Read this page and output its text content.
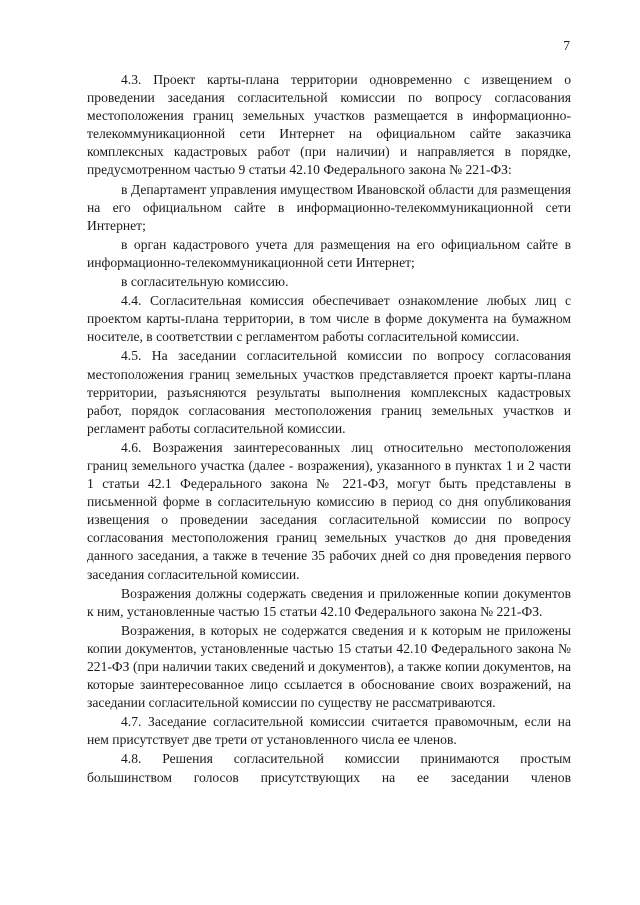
7

4.3. Проект карты-плана территории одновременно с извещением о проведении заседания согласительной комиссии по вопросу согласования местоположения границ земельных участков размещается в информационно-телекоммуникационной сети Интернет на официальном сайте заказчика комплексных кадастровых работ (при наличии) и направляется в порядке, предусмотренном частью 9 статьи 42.10 Федерального закона № 221-ФЗ:

в Департамент управления имуществом Ивановской области для размещения на его официальном сайте в информационно-телекоммуникационной сети Интернет;

в орган кадастрового учета для размещения на его официальном сайте в информационно-телекоммуникационной сети Интернет;

в согласительную комиссию.

4.4. Согласительная комиссия обеспечивает ознакомление любых лиц с проектом карты-плана территории, в том числе в форме документа на бумажном носителе, в соответствии с регламентом работы согласительной комиссии.

4.5. На заседании согласительной комиссии по вопросу согласования местоположения границ земельных участков представляется проект карты-плана территории, разъясняются результаты выполнения комплексных кадастровых работ, порядок согласования местоположения границ земельных участков и регламент работы согласительной комиссии.

4.6. Возражения заинтересованных лиц относительно местоположения границ земельного участка (далее - возражения), указанного в пунктах 1 и 2 части 1 статьи 42.1 Федерального закона № 221-ФЗ, могут быть представлены в письменной форме в согласительную комиссию в период со дня опубликования извещения о проведении заседания согласительной комиссии по вопросу согласования местоположения границ земельных участков до дня проведения данного заседания, а также в течение 35 рабочих дней со дня проведения первого заседания согласительной комиссии.

Возражения должны содержать сведения и приложенные копии документов к ним, установленные частью 15 статьи 42.10 Федерального закона № 221-ФЗ.

Возражения, в которых не содержатся сведения и к которым не приложены копии документов, установленные частью 15 статьи 42.10 Федерального закона № 221-ФЗ (при наличии таких сведений и документов), а также копии документов, на которые заинтересованное лицо ссылается в обоснование своих возражений, на заседании согласительной комиссии по существу не рассматриваются.

4.7. Заседание согласительной комиссии считается правомочным, если на нем присутствует две трети от установленного числа ее членов.

4.8. Решения согласительной комиссии принимаются простым большинством голосов присутствующих на ее заседании членов
